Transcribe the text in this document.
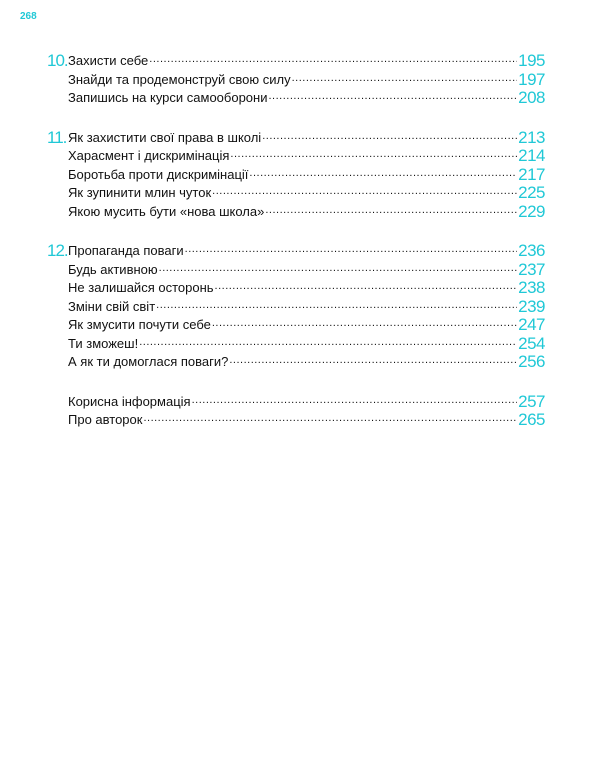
268
10. Захисти себе .....	195
Знайди та продемонструй свою силу .....	197
Запишись на курси самооборони .....	208
11. Як захистити свої права в школі .....	213
Харасмент і дискримінація .....	214
Боротьба проти дискримінації .....	217
Як зупинити млин чуток .....	225
Якою мусить бути «нова школа» .....	229
12. Пропаганда поваги .....	236
Будь активною .....	237
Не залишайся осторонь .....	238
Зміни свій світ .....	239
Як змусити почути себе .....	247
Ти зможеш! .....	254
А як ти домоглася поваги? .....	256
Корисна інформація .....	257
Про авторок .....	265
